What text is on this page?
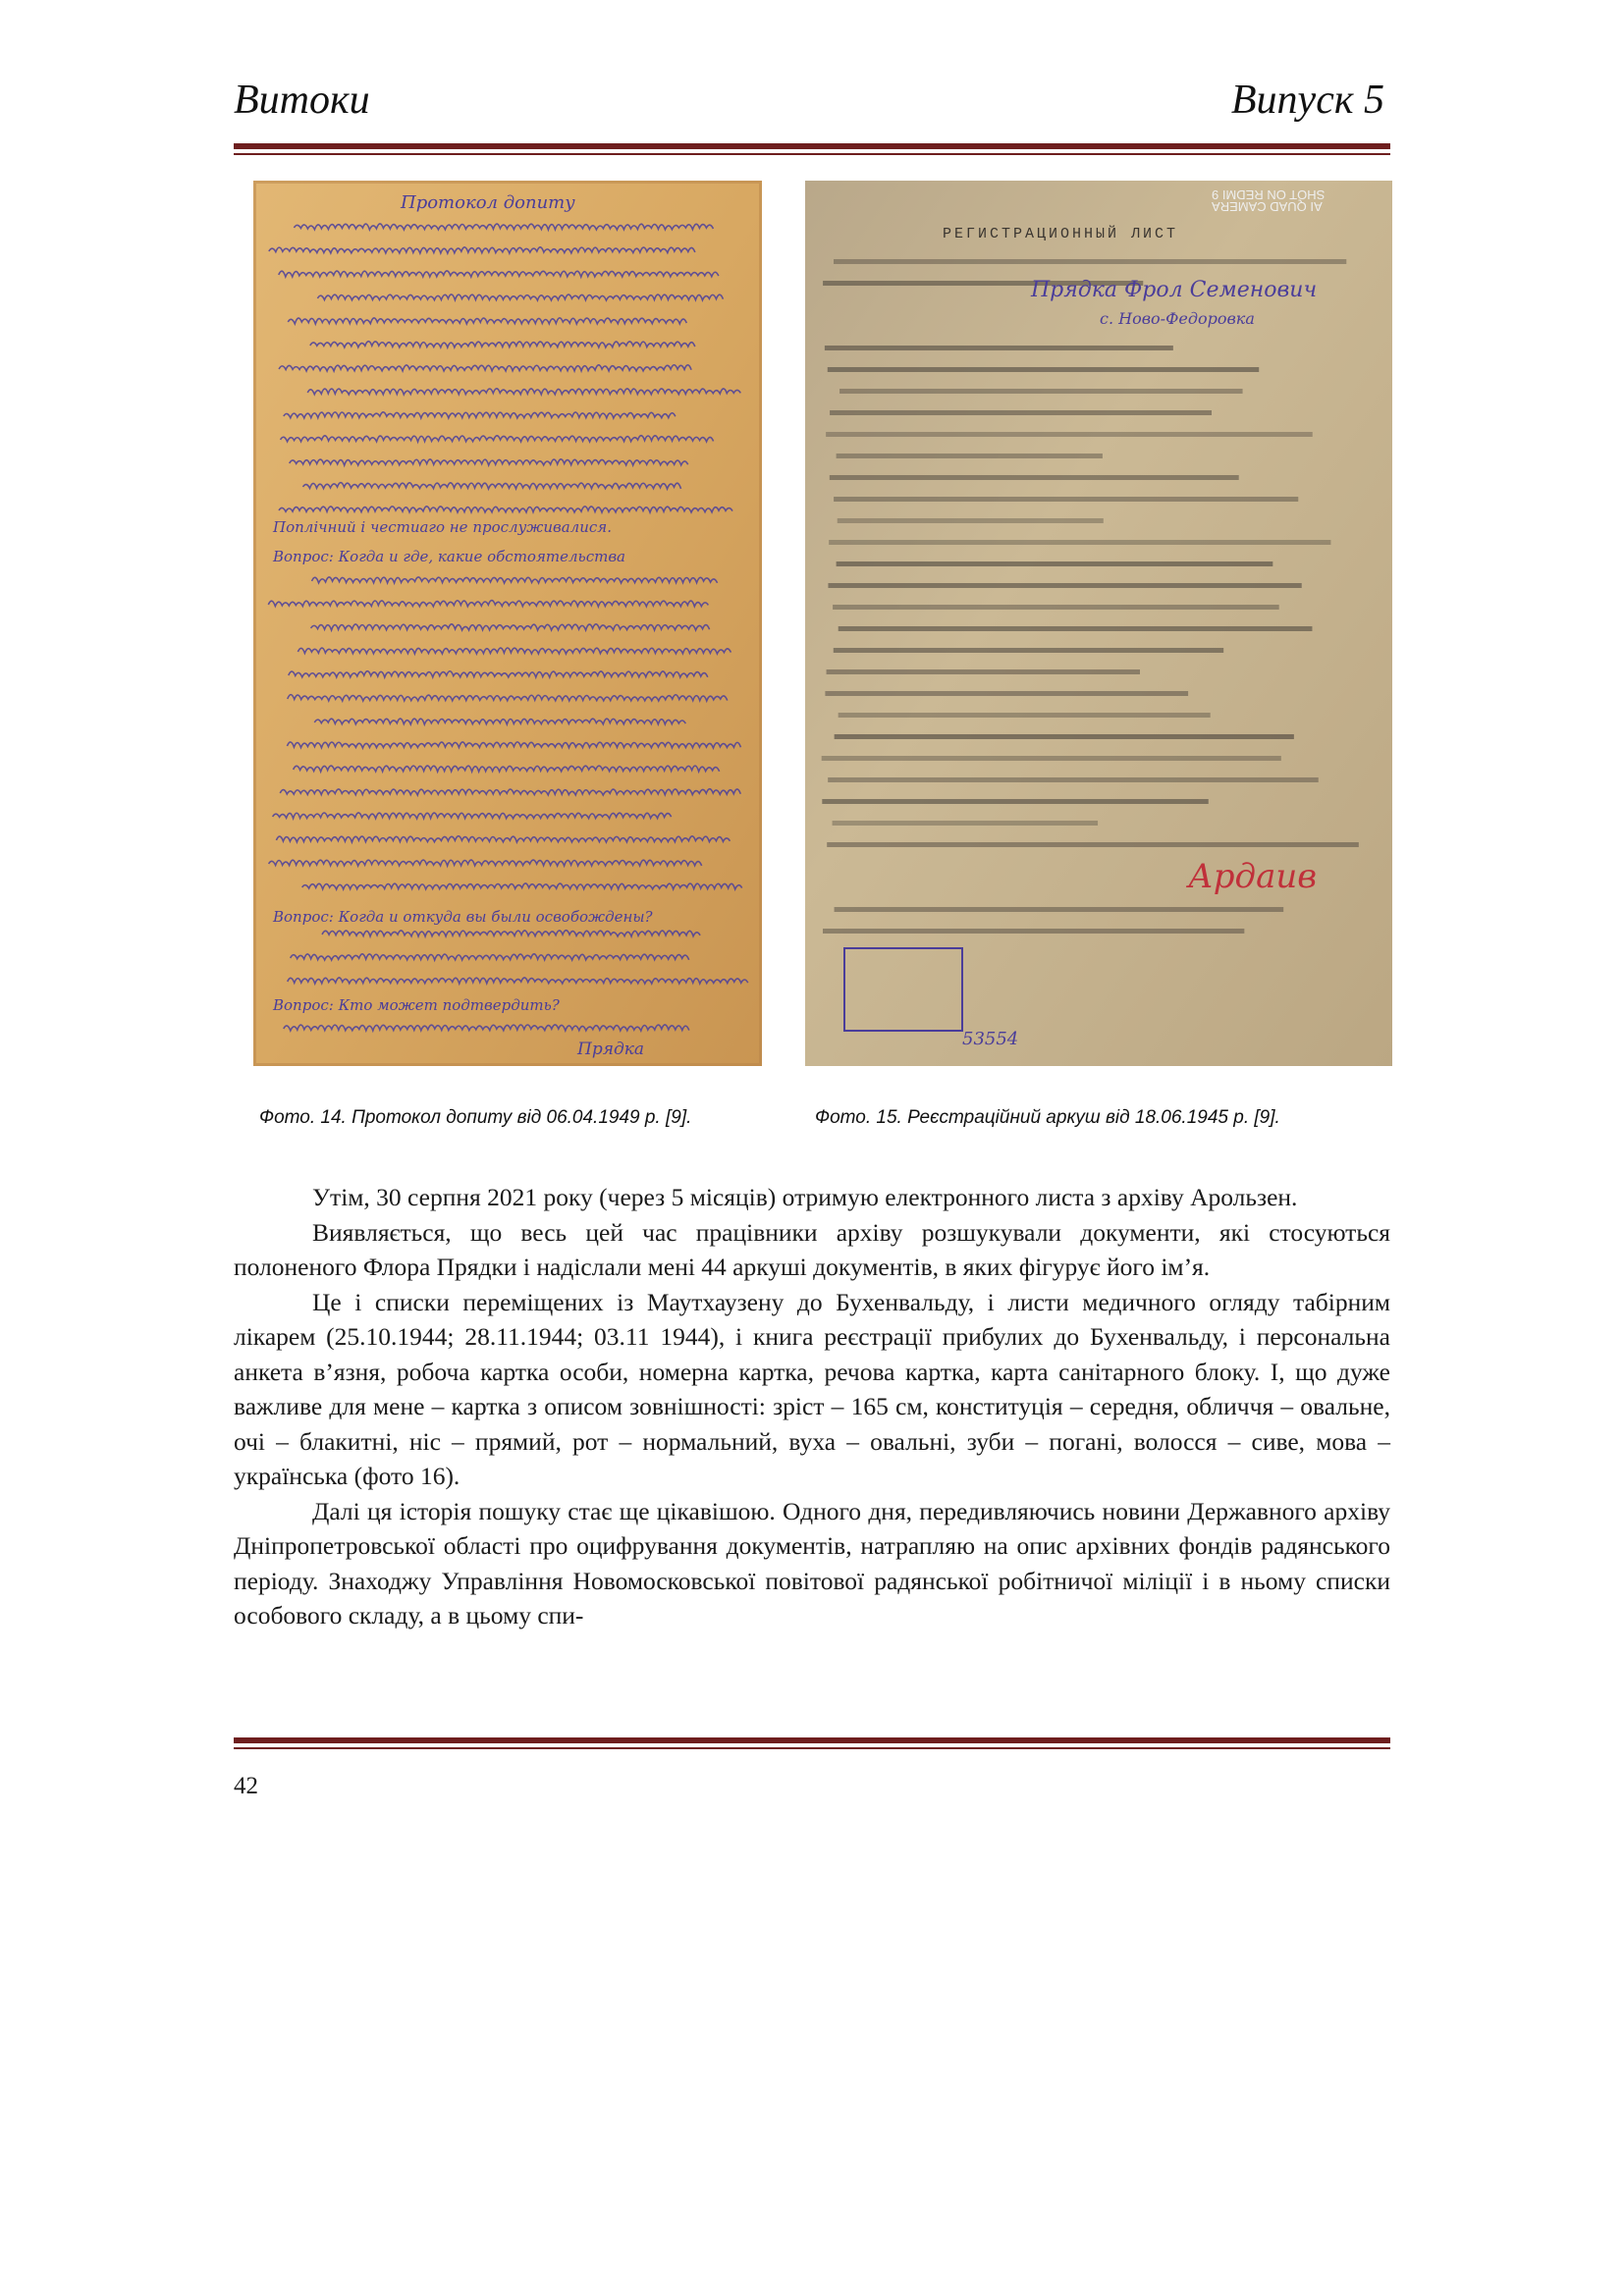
Витоки	Випуск 5
Протокол допиту
Поплічний і честиаго не прослуживалися.
Вопрос: Когда и где, какие обстоятельства
Вопрос: Когда и откуда вы были освобождены?
Вопрос: Кто может подтвердить?
Прядка
SHOT ON REDMI 9
AI QUAD CAMERA
РЕГИСТРАЦИОННЫЙ ЛИСТ
Прядка Фрол Семенович
с. Ново-Федоровка
Ардаив
53554
Фото. 14. Протокол допиту від 06.04.1949 р. [9].	Фото. 15. Реєстраційний аркуш від 18.06.1945 р. [9].

Утім, 30 серпня 2021 року (через 5 місяців) отримую електронного листа з архіву Арользен.

Виявляється, що весь цей час працівники архіву розшукували документи, які стосуються полоненого Флора Прядки і надіслали мені 44 аркуші документів, в яких фігурує його ім’я.

Це і списки переміщених із Маутхаузену до Бухенвальду, і листи медичного огляду табірним лікарем (25.10.1944; 28.11.1944; 03.11 1944), і книга реєстрації прибулих до Бухенвальду, і персональна анкета в’язня, робоча картка особи, номерна картка, речова картка, карта санітарного блоку. І, що дуже важливе для мене – картка з описом зовнішності: зріст – 165 см, конституція – середня, обличчя – овальне, очі – блакитні, ніс – прямий, рот – нормальний, вуха – овальні, зуби – погані, волосся – сиве, мова – українська (фото 16).

Далі ця історія пошуку стає ще цікавішою. Одного дня, передивляючись новини Державного архіву Дніпропетровської області про оцифрування документів, натрапляю на опис архівних фондів радянського періоду. Знаходжу Управління Новомосковської повітової радянської робітничої міліції і в ньому списки особового складу, а в цьому спи-

42
